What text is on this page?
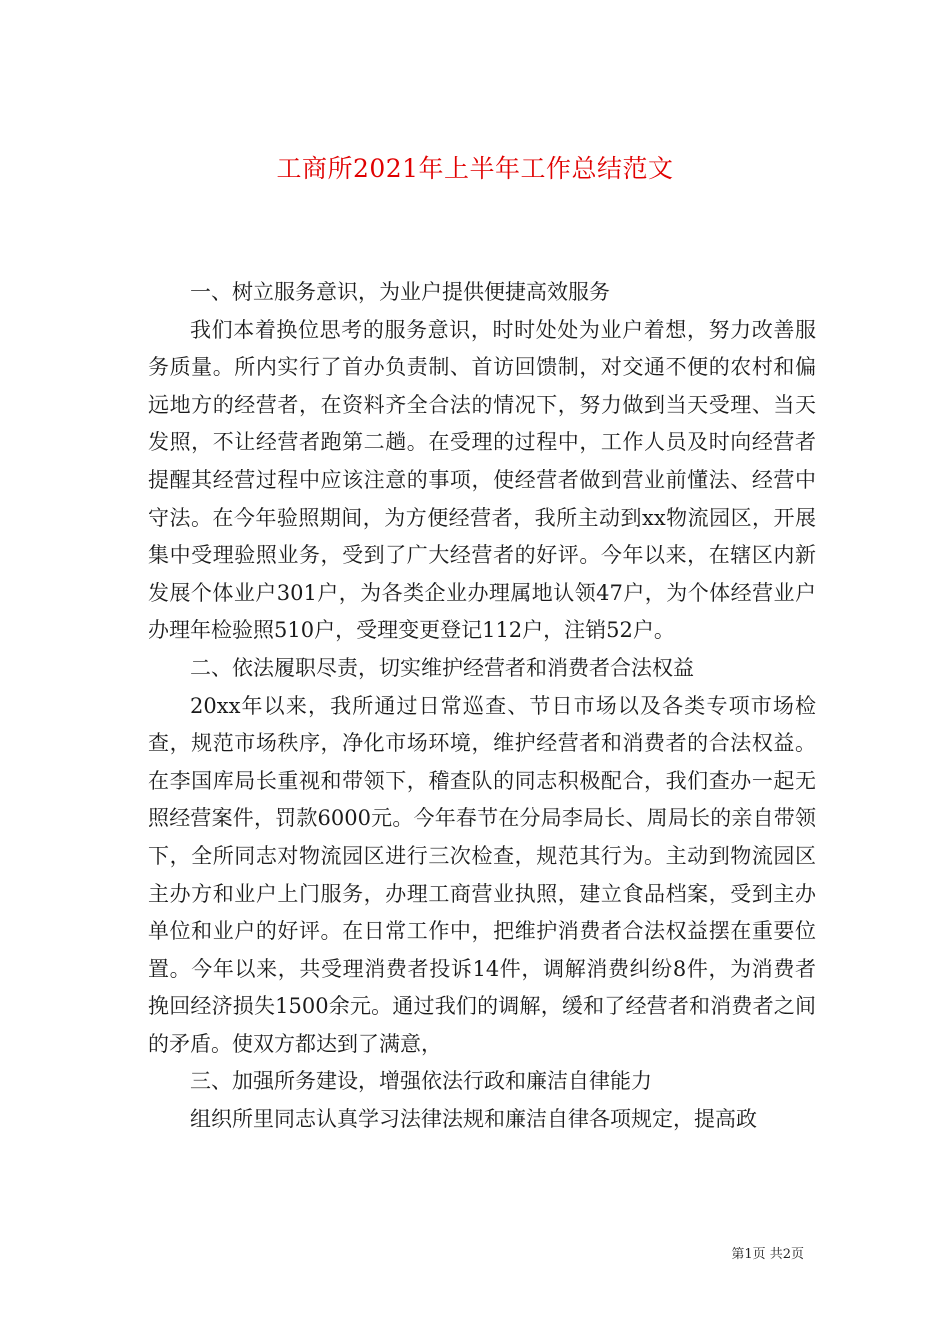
工商所2021年上半年工作总结范文

一、树立服务意识，为业户提供便捷高效服务

我们本着换位思考的服务意识，时时处处为业户着想，努力改善服务质量。所内实行了首办负责制、首访回馈制，对交通不便的农村和偏远地方的经营者，在资料齐全合法的情况下，努力做到当天受理、当天发照，不让经营者跑第二趟。在受理的过程中，工作人员及时向经营者提醒其经营过程中应该注意的事项，使经营者做到营业前懂法、经营中守法。在今年验照期间，为方便经营者，我所主动到xx物流园区，开展集中受理验照业务，受到了广大经营者的好评。今年以来，在辖区内新发展个体业户301户，为各类企业办理属地认领47户，为个体经营业户办理年检验照510户，受理变更登记112户，注销52户。

二、依法履职尽责，切实维护经营者和消费者合法权益

20xx年以来，我所通过日常巡查、节日市场以及各类专项市场检查，规范市场秩序，净化市场环境，维护经营者和消费者的合法权益。在李国库局长重视和带领下，稽查队的同志积极配合，我们查办一起无照经营案件，罚款6000元。今年春节在分局李局长、周局长的亲自带领下，全所同志对物流园区进行三次检查，规范其行为。主动到物流园区主办方和业户上门服务，办理工商营业执照，建立食品档案，受到主办单位和业户的好评。在日常工作中，把维护消费者合法权益摆在重要位置。今年以来，共受理消费者投诉14件，调解消费纠纷8件，为消费者挽回经济损失1500余元。通过我们的调解，缓和了经营者和消费者之间的矛盾。使双方都达到了满意，

三、加强所务建设，增强依法行政和廉洁自律能力

组织所里同志认真学习法律法规和廉洁自律各项规定，提高政

第1页 共2页
